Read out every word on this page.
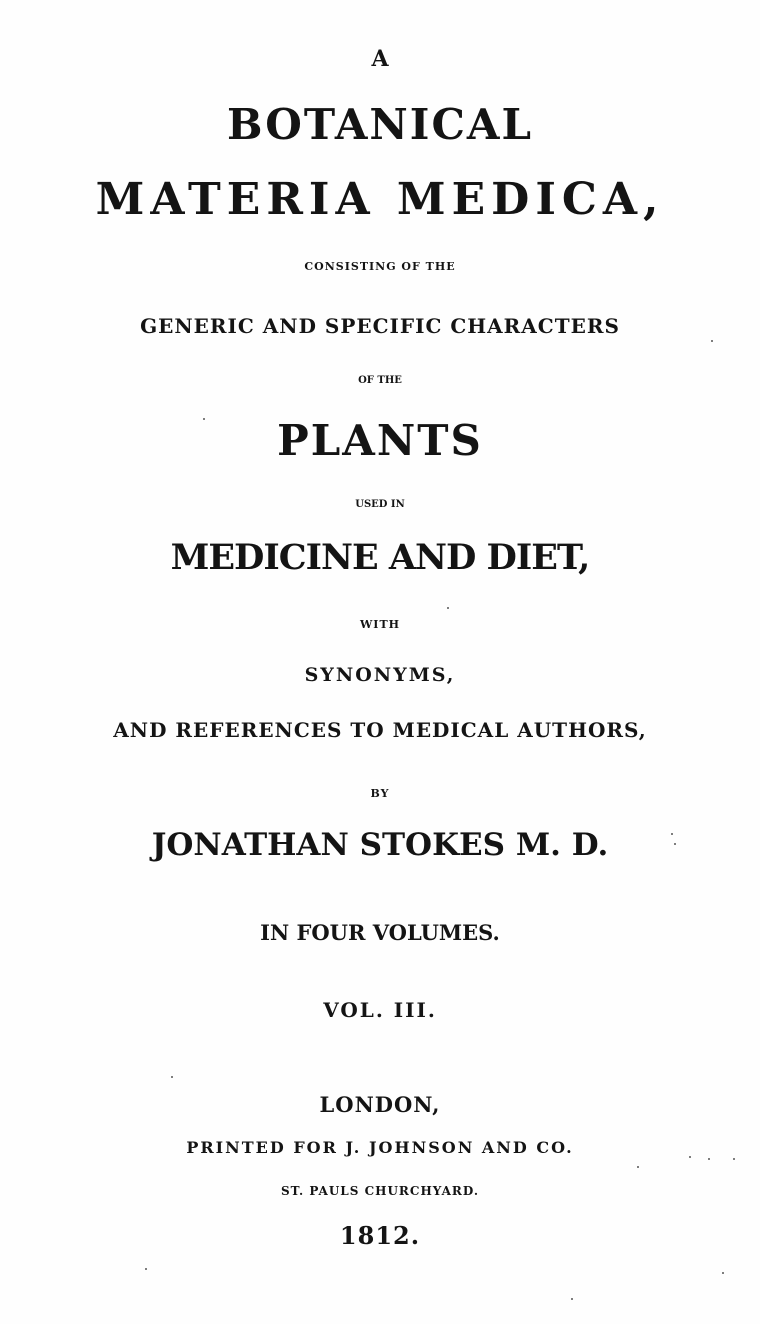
A
BOTANICAL
MATERIA MEDICA,
CONSISTING OF THE
GENERIC AND SPECIFIC CHARACTERS
OF THE
PLANTS
USED IN
MEDICINE AND DIET,
WITH
SYNONYMS,
AND REFERENCES TO MEDICAL AUTHORS,
BY
JONATHAN STOKES M. D.
IN FOUR VOLUMES.
VOL. III.
LONDON,
PRINTED FOR J. JOHNSON AND CO.
ST. PAULS CHURCHYARD.
1812.
